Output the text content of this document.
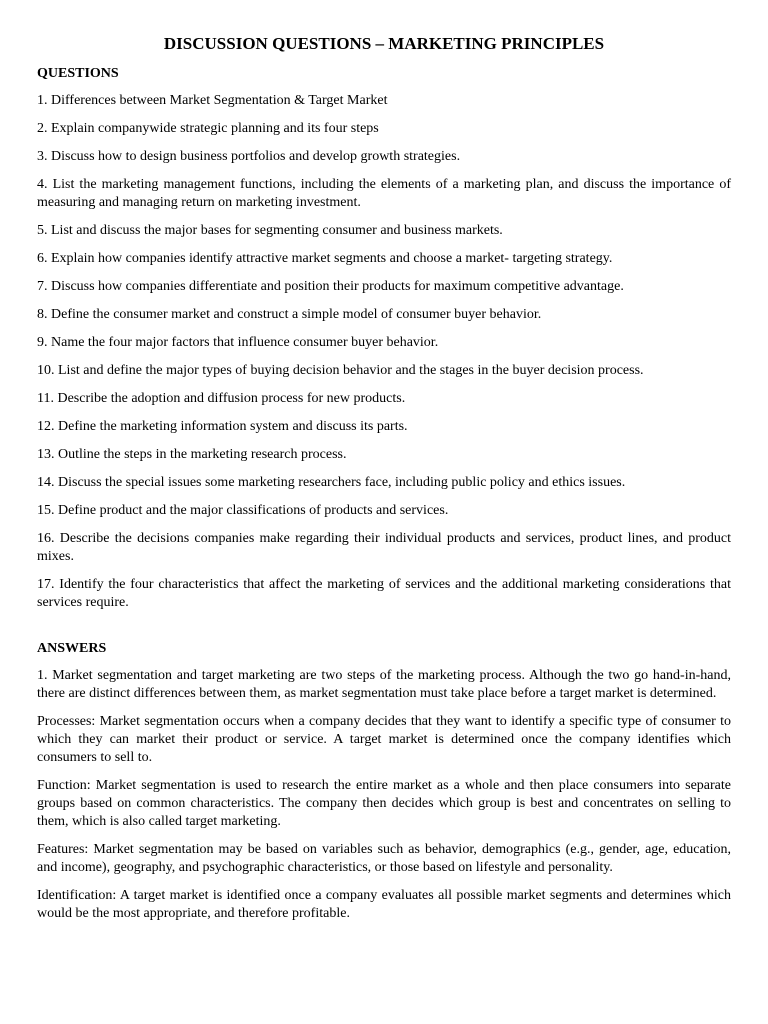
DISCUSSION QUESTIONS – MARKETING PRINCIPLES
QUESTIONS

1. Differences between Market Segmentation & Target Market

2. Explain companywide strategic planning and its four steps

3. Discuss how to design business portfolios and develop growth strategies.

4. List the marketing management functions, including the elements of a marketing plan, and discuss the importance of measuring and managing return on marketing investment.

5. List and discuss the major bases for segmenting consumer and business markets.

6. Explain how companies identify attractive market segments and choose a market- targeting strategy.

7. Discuss how companies differentiate and position their products for maximum competitive advantage.

8. Define the consumer market and construct a simple model of consumer buyer behavior.

9. Name the four major factors that influence consumer buyer behavior.

10. List and define the major types of buying decision behavior and the stages in the buyer decision process.

11. Describe the adoption and diffusion process for new products.

12. Define the marketing information system and discuss its parts.

13. Outline the steps in the marketing research process.

14. Discuss the special issues some marketing researchers face, including public policy and ethics issues.

15. Define product and the major classifications of products and services.

16. Describe the decisions companies make regarding their individual products and services, product lines, and product mixes.

17. Identify the four characteristics that affect the marketing of services and the additional marketing considerations that services require.

ANSWERS

1. Market segmentation and target marketing are two steps of the marketing process. Although the two go hand-in-hand, there are distinct differences between them, as market segmentation must take place before a target market is determined.

Processes: Market segmentation occurs when a company decides that they want to identify a specific type of consumer to which they can market their product or service. A target market is determined once the company identifies which consumers to sell to.

Function: Market segmentation is used to research the entire market as a whole and then place consumers into separate groups based on common characteristics. The company then decides which group is best and concentrates on selling to them, which is also called target marketing.

Features: Market segmentation may be based on variables such as behavior, demographics (e.g., gender, age, education, and income), geography, and psychographic characteristics, or those based on lifestyle and personality.

Identification: A target market is identified once a company evaluates all possible market segments and determines which would be the most appropriate, and therefore profitable.
